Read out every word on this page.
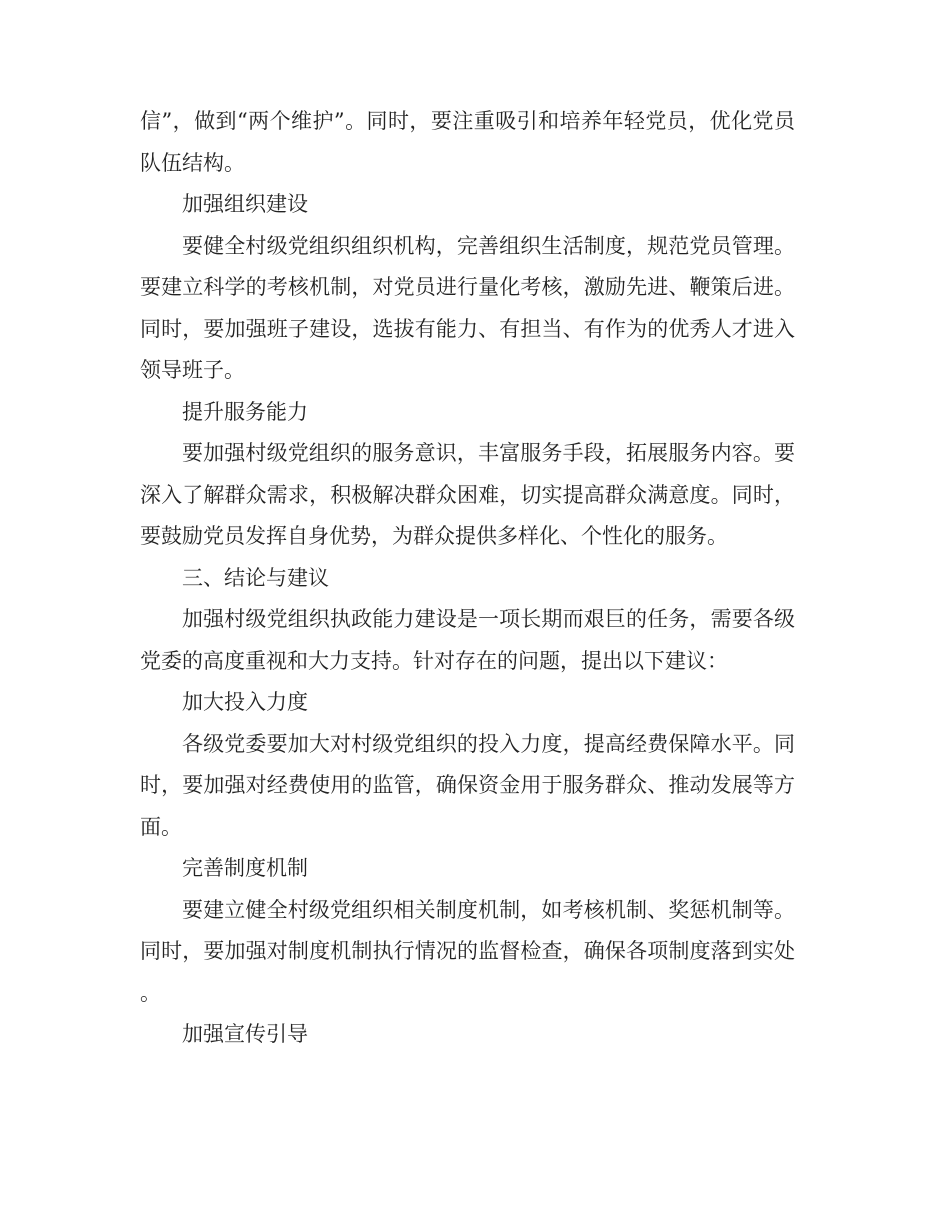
信”，做到“两个维护”。同时，要注重吸引和培养年轻党员，优化党员队伍结构。

加强组织建设

要健全村级党组织组织机构，完善组织生活制度，规范党员管理。要建立科学的考核机制，对党员进行量化考核，激励先进、鞭策后进。同时，要加强班子建设，选拔有能力、有担当、有作为的优秀人才进入领导班子。

提升服务能力

要加强村级党组织的服务意识，丰富服务手段，拓展服务内容。要深入了解群众需求，积极解决群众困难，切实提高群众满意度。同时，要鼓励党员发挥自身优势，为群众提供多样化、个性化的服务。

三、结论与建议

加强村级党组织执政能力建设是一项长期而艰巨的任务，需要各级党委的高度重视和大力支持。针对存在的问题，提出以下建议：

加大投入力度

各级党委要加大对村级党组织的投入力度，提高经费保障水平。同时，要加强对经费使用的监管，确保资金用于服务群众、推动发展等方面。

完善制度机制

要建立健全村级党组织相关制度机制，如考核机制、奖惩机制等。同时，要加强对制度机制执行情况的监督检查，确保各项制度落到实处。

加强宣传引导
